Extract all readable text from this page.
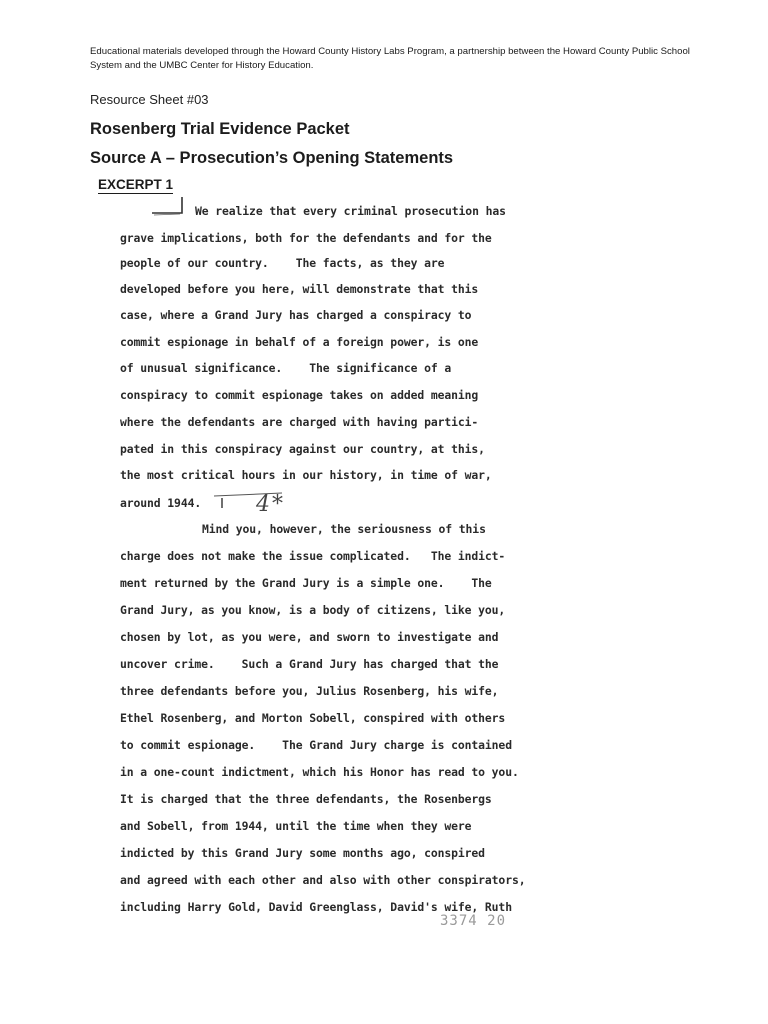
Educational materials developed through the Howard County History Labs Program, a partnership between the Howard County Public School System and the UMBC Center for History Education.
Resource Sheet #03
Rosenberg Trial Evidence Packet
Source A – Prosecution’s Opening Statements
EXCERPT 1
4*
We realize that every criminal prosecution has
grave implications, both for the defendants and for the
people of our country.    The facts, as they are
developed before you here, will demonstrate that this
case, where a Grand Jury has charged a conspiracy to
commit espionage in behalf of a foreign power, is one
of unusual significance.    The significance of a
conspiracy to commit espionage takes on added meaning
where the defendants are charged with having partici-
pated in this conspiracy against our country, at this,
the most critical hours in our history, in time of war,
around 1944.
Mind you, however, the seriousness of this
charge does not make the issue complicated.   The indict-
ment returned by the Grand Jury is a simple one.    The
Grand Jury, as you know, is a body of citizens, like you,
chosen by lot, as you were, and sworn to investigate and
uncover crime.    Such a Grand Jury has charged that the
three defendants before you, Julius Rosenberg, his wife,
Ethel Rosenberg, and Morton Sobell, conspired with others
to commit espionage.    The Grand Jury charge is contained
in a one-count indictment, which his Honor has read to you.
It is charged that the three defendants, the Rosenbergs
and Sobell, from 1944, until the time when they were
indicted by this Grand Jury some months ago, conspired
and agreed with each other and also with other conspirators,
including Harry Gold, David Greenglass, David's wife, Ruth
3374 20
